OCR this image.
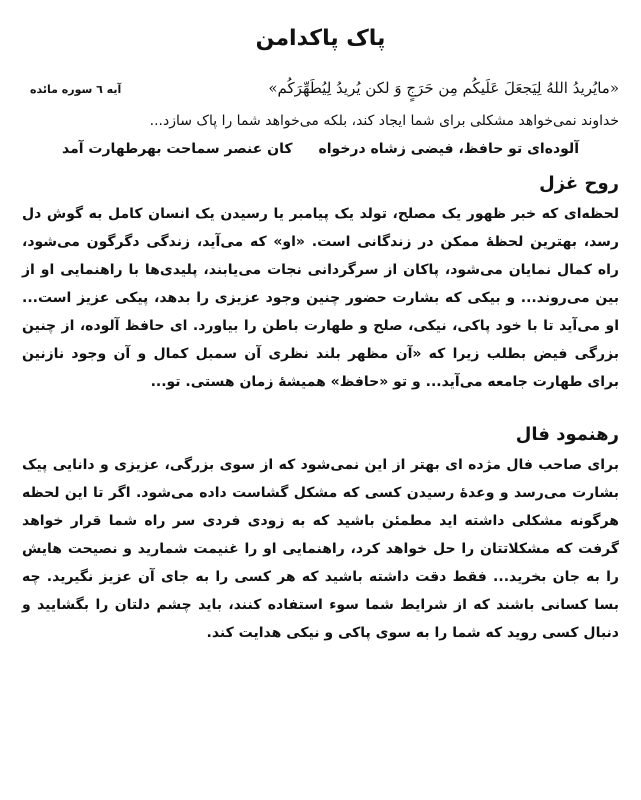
پاک پاکدامن
«مایُریدُ اللهُ لِیَجعَلَ عَلَیکُم مِن حَرَجٍ وَ لکن یُریدُ لِیُطَهِّرَکُم»
آیه ٦ سوره مائده
خداوند نمی‌خواهد مشکلی برای شما ایجاد کند، بلکه می‌خواهد شما را پاک سازد...
آلوده‌ای تو حافظ، فیضی زشاه درخواه
کان عنصر سماحت بهرطهارت آمد
روح غزل
لحظه‌ای که خبر ظهور یک مصلح، تولد یک پیامبر یا رسیدن یک انسان کامل به گوش دل رسد، بهترین لحظهٔ ممکن در زندگانی است. «او» که می‌آید، زندگی دگرگون می‌شود، راه کمال نمایان می‌شود، پاکان از سرگردانی نجات می‌یابند، پلیدی‌ها با راهنمایی او از بین می‌روند... و بیکی که بشارت حضور چنین وجود عزیزی را بدهد، پیکی عزیز است... او می‌آید تا با خود پاکی، نیکی، صلح و طهارت باطن را بیاورد. ای حافظ آلوده، از چنین بزرگی فیض بطلب زیرا که «آن مظهر بلند نظری آن سمبل کمال و آن وجود نازنین برای طهارت جامعه می‌آید... و تو «حافظ» همیشهٔ زمان هستی. تو...
رهنمود فال
برای صاحب فال مژده ای بهتر از این نمی‌شود که از سوی بزرگی، عزیزی و دانایی پیک بشارت می‌رسد و وعدهٔ رسیدن کسی که مشکل گشاست داده می‌شود. اگر تا این لحظه هرگونه مشکلی داشته اید مطمئن باشید که به زودی فردی سر راه شما قرار خواهد گرفت که مشکلاتتان را حل خواهد کرد، راهنمایی او را غنیمت شمارید و نصیحت هایش را به جان بخرید... فقط دقت داشته باشید که هر کسی را به جای آن عزیز نگیرید. چه بسا کسانی باشند که از شرایط شما سوء استفاده کنند، باید چشم دلتان را بگشایید و دنبال کسی روید که شما را به سوی پاکی و نیکی هدایت کند.
